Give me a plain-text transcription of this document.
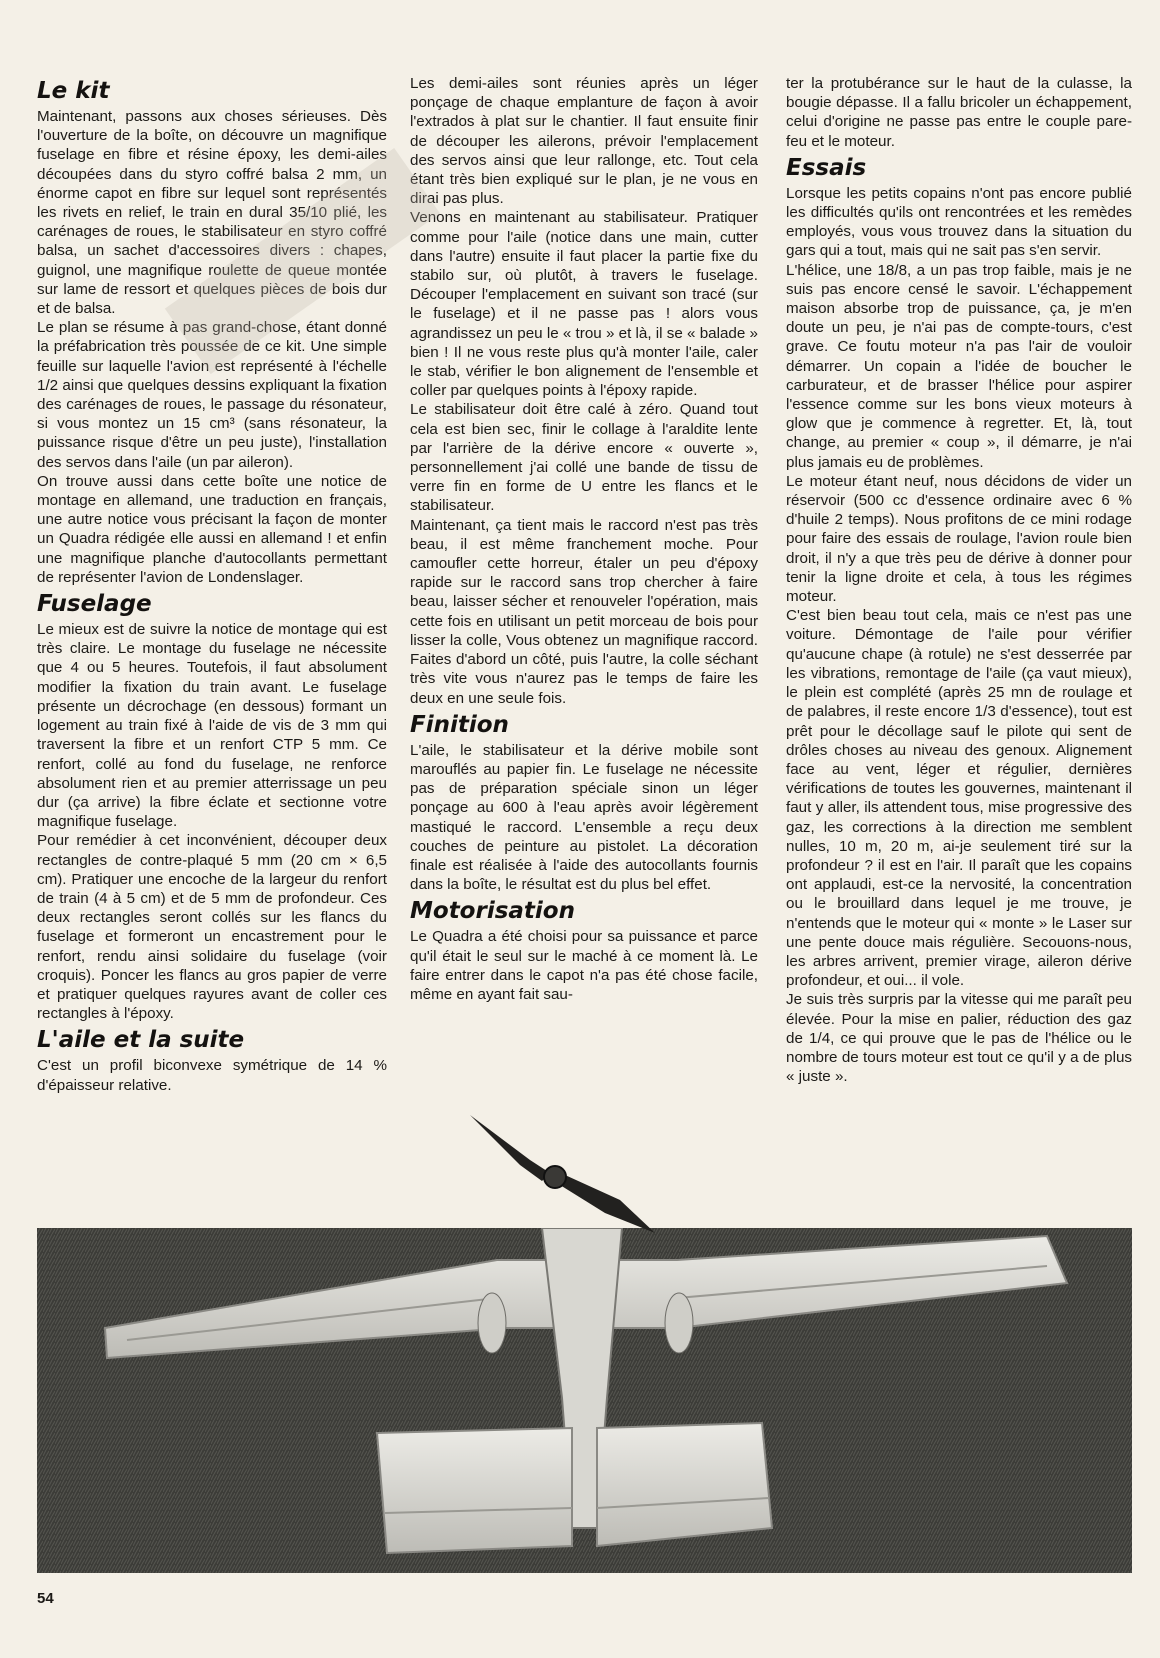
Le kit

Maintenant, passons aux choses sérieuses. Dès l'ouverture de la boîte, on découvre un magnifique fuselage en fibre et résine époxy, les demi-ailes découpées dans du styro coffré balsa 2 mm, un énorme capot en fibre sur lequel sont représentés les rivets en relief, le train en dural 35/10 plié, les carénages de roues, le stabilisateur en styro coffré balsa, un sachet d'accessoires divers : chapes, guignol, une magnifique roulette de queue montée sur lame de ressort et quelques pièces de bois dur et de balsa.

Le plan se résume à pas grand-chose, étant donné la préfabrication très poussée de ce kit. Une simple feuille sur laquelle l'avion est représenté à l'échelle 1/2 ainsi que quelques dessins expliquant la fixation des carénages de roues, le passage du résonateur, si vous montez un 15 cm³ (sans résonateur, la puissance risque d'être un peu juste), l'installation des servos dans l'aile (un par aileron).

On trouve aussi dans cette boîte une notice de montage en allemand, une traduction en français, une autre notice vous précisant la façon de monter un Quadra rédigée elle aussi en allemand ! et enfin une magnifique planche d'autocollants permettant de représenter l'avion de Londenslager.

Fuselage

Le mieux est de suivre la notice de montage qui est très claire. Le montage du fuselage ne nécessite que 4 ou 5 heures. Toutefois, il faut absolument modifier la fixation du train avant. Le fuselage présente un décrochage (en dessous) formant un logement au train fixé à l'aide de vis de 3 mm qui traversent la fibre et un renfort CTP 5 mm. Ce renfort, collé au fond du fuselage, ne renforce absolument rien et au premier atterrissage un peu dur (ça arrive) la fibre éclate et sectionne votre magnifique fuselage.

Pour remédier à cet inconvénient, découper deux rectangles de contre-plaqué 5 mm (20 cm × 6,5 cm). Pratiquer une encoche de la largeur du renfort de train (4 à 5 cm) et de 5 mm de profondeur. Ces deux rectangles seront collés sur les flancs du fuselage et formeront un encastrement pour le renfort, rendu ainsi solidaire du fuselage (voir croquis). Poncer les flancs au gros papier de verre et pratiquer quelques rayures avant de coller ces rectangles à l'époxy.

L'aile et la suite

C'est un profil biconvexe symétrique de 14 % d'épaisseur relative.

Les demi-ailes sont réunies après un léger ponçage de chaque emplanture de façon à avoir l'extrados à plat sur le chantier. Il faut ensuite finir de découper les ailerons, prévoir l'emplacement des servos ainsi que leur rallonge, etc. Tout cela étant très bien expliqué sur le plan, je ne vous en dirai pas plus.

Venons en maintenant au stabilisateur. Pratiquer comme pour l'aile (notice dans une main, cutter dans l'autre) ensuite il faut placer la partie fixe du stabilo sur, où plutôt, à travers le fuselage. Découper l'emplacement en suivant son tracé (sur le fuselage) et il ne passe pas ! alors vous agrandissez un peu le « trou » et là, il se « balade » bien ! Il ne vous reste plus qu'à monter l'aile, caler le stab, vérifier le bon alignement de l'ensemble et coller par quelques points à l'époxy rapide.

Le stabilisateur doit être calé à zéro. Quand tout cela est bien sec, finir le collage à l'araldite lente par l'arrière de la dérive encore « ouverte », personnellement j'ai collé une bande de tissu de verre fin en forme de U entre les flancs et le stabilisateur.

Maintenant, ça tient mais le raccord n'est pas très beau, il est même franchement moche. Pour camoufler cette horreur, étaler un peu d'époxy rapide sur le raccord sans trop chercher à faire beau, laisser sécher et renouveler l'opération, mais cette fois en utilisant un petit morceau de bois pour lisser la colle, Vous obtenez un magnifique raccord. Faites d'abord un côté, puis l'autre, la colle séchant très vite vous n'aurez pas le temps de faire les deux en une seule fois.

Finition

L'aile, le stabilisateur et la dérive mobile sont marouflés au papier fin. Le fuselage ne nécessite pas de préparation spéciale sinon un léger ponçage au 600 à l'eau après avoir légèrement mastiqué le raccord. L'ensemble a reçu deux couches de peinture au pistolet. La décoration finale est réalisée à l'aide des autocollants fournis dans la boîte, le résultat est du plus bel effet.

Motorisation

Le Quadra a été choisi pour sa puissance et parce qu'il était le seul sur le maché à ce moment là. Le faire entrer dans le capot n'a pas été chose facile, même en ayant fait sau-

ter la protubérance sur le haut de la culasse, la bougie dépasse. Il a fallu bricoler un échappement, celui d'origine ne passe pas entre le couple pare-feu et le moteur.

Essais

Lorsque les petits copains n'ont pas encore publié les difficultés qu'ils ont rencontrées et les remèdes employés, vous vous trouvez dans la situation du gars qui a tout, mais qui ne sait pas s'en servir.

L'hélice, une 18/8, a un pas trop faible, mais je ne suis pas encore censé le savoir. L'échappement maison absorbe trop de puissance, ça, je m'en doute un peu, je n'ai pas de compte-tours, c'est grave. Ce foutu moteur n'a pas l'air de vouloir démarrer. Un copain a l'idée de boucher le carburateur, et de brasser l'hélice pour aspirer l'essence comme sur les bons vieux moteurs à glow que je commence à regretter. Et, là, tout change, au premier « coup », il démarre, je n'ai plus jamais eu de problèmes.

Le moteur étant neuf, nous décidons de vider un réservoir (500 cc d'essence ordinaire avec 6 % d'huile 2 temps). Nous profitons de ce mini rodage pour faire des essais de roulage, l'avion roule bien droit, il n'y a que très peu de dérive à donner pour tenir la ligne droite et cela, à tous les régimes moteur.

C'est bien beau tout cela, mais ce n'est pas une voiture. Démontage de l'aile pour vérifier qu'aucune chape (à rotule) ne s'est desserrée par les vibrations, remontage de l'aile (ça vaut mieux), le plein est complété (après 25 mn de roulage et de palabres, il reste encore 1/3 d'essence), tout est prêt pour le décollage sauf le pilote qui sent de drôles choses au niveau des genoux. Alignement face au vent, léger et régulier, dernières vérifications de toutes les gouvernes, maintenant il faut y aller, ils attendent tous, mise progressive des gaz, les corrections à la direction me semblent nulles, 10 m, 20 m, ai-je seulement tiré sur la profondeur ? il est en l'air. Il paraît que les copains ont applaudi, est-ce la nervosité, la concentration ou le brouillard dans lequel je me trouve, je n'entends que le moteur qui « monte » le Laser sur une pente douce mais régulière. Secouons-nous, les arbres arrivent, premier virage, aileron dérive profondeur, et oui... il vole.

Je suis très surpris par la vitesse qui me paraît peu élevée. Pour la mise en palier, réduction des gaz de 1/4, ce qui prouve que le pas de l'hélice ou le nombre de tours moteur est tout ce qu'il y a de plus « juste ».

54
